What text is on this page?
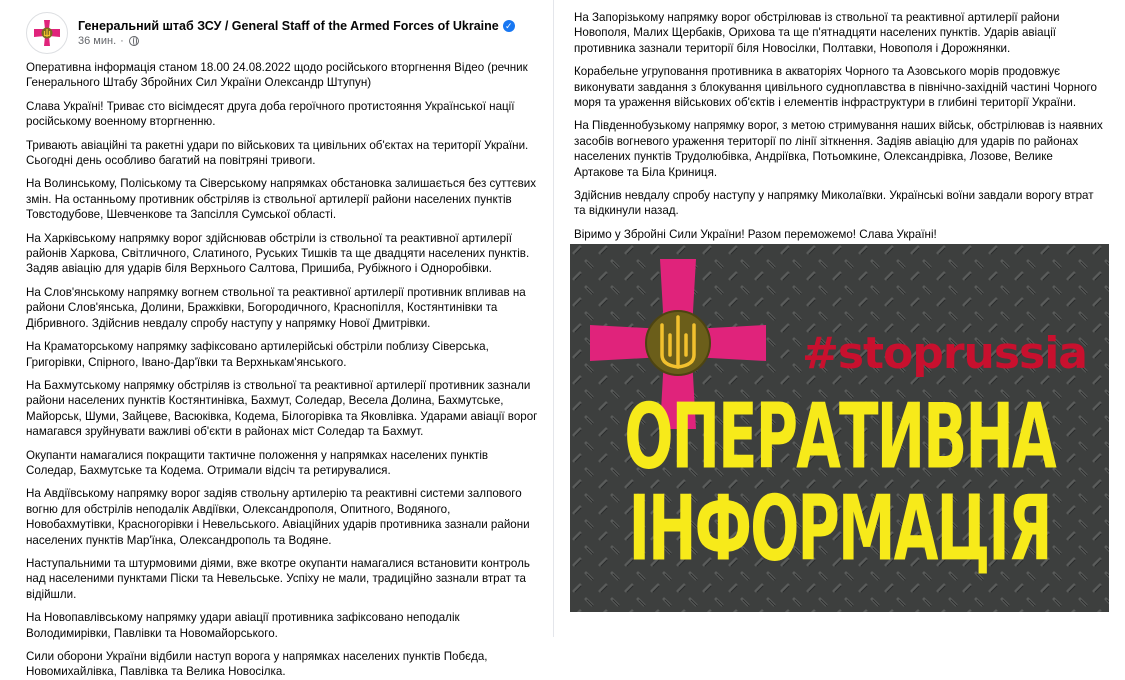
Генеральний штаб ЗСУ / General Staff of the Armed Forces of Ukraine ✓
36 мин. ·

Оперативна інформація станом 18.00 24.08.2022 щодо російського вторгнення Відео (речник Генерального Штабу Збройних Сил України Олександр Штупун)

Слава Україні! Триває сто вісімдесят друга доба героїчного протистояння Української нації російському военному вторгненню.

Тривають авіаційні та ракетні удари по військових та цивільних об'єктах на території України. Сьогодні день особливо багатий на повітряні тривоги.

На Волинському, Поліському та Сіверському напрямках обстановка залишається без суттєвих змін. На останньому противник обстріляв із ствольної артилерії райони населених пунктів Товстодубове, Шевченкове та Запсілля Сумської області.

На Харківському напрямку ворог здійснював обстріли із ствольної та реактивної артилерії районів Харкова, Світличного, Слатиного, Руських Тишків та ще двадцяти населених пунктів. Задяв авіацію для ударів біля Верхнього Салтова, Пришиба, Рубіжного і Одноробівки.

На Слов'янському напрямку вогнем ствольної та реактивної артилерії противник впливав на райони Слов'янська, Долини, Бражківки, Богородичного, Краснопілля, Костянтинівки та Дібривного. Здійснив невдалу спробу наступу у напрямку Нової Дмитрівки.

На Краматорському напрямку зафіксовано артилерійські обстріли поблизу Сіверська, Григорівки, Спірного, Івано-Дар'ївки та Верхнькам'янського.

На Бахмутському напрямку обстріляв із ствольної та реактивної артилерії противник зазнали райони населених пунктів Костянтинівка, Бахмут, Соледар, Весела Долина, Бахмутське, Майорськ, Шуми, Зайцеве, Васюківка, Кодема, Білогорівка та Яковлівка. Ударами авіації ворог намагався зруйнувати важливі об'єкти в районах міст Соледар та Бахмут.

Окупанти намагалися покращити тактичне положення у напрямках населених пунктів Соледар, Бахмутське та Кодема. Отримали відсіч та ретирувалися.

На Авдіївському напрямку ворог задіяв ствольну артилерію та реактивні системи залпового вогню для обстрілів неподалік Авдіївки, Олександрополя, Опитного, Водяного, Новобахмутівки, Красногорівки і Невельського. Авіаційних ударів противника зазнали райони населених пунктів Мар'їнка, Олександрополь та Водяне.

Наступальними та штурмовими діями, вже вкотре окупанти намагалися встановити контроль над населеними пунктами Піски та Невельське. Успіху не мали, традиційно зазнали втрат та відійшли.

На Новопавлівському напрямку удари авіації противника зафіксовано неподалік Володимирівки, Павлівки та Новомайорського.

Сили оборони України відбили наступ ворога у напрямках населених пунктів Побєда, Новомихайлівка, Павлівка та Велика Новосілка.

На Запорізькому напрямку ворог обстрілював із ствольної та реактивної артилерії райони Новополя, Малих Щербаків, Орихова та ще п'ятнадцяти населених пунктів. Ударів авіації противника зазнали території біля Новосілки, Полтавки, Новополя і Дорожнянки.

Корабельне угруповання противника в акваторіях Чорного та Азовського морів продовжує виконувати завдання з блокування цивільного судноплавства в північно-західній частині Чорного моря та ураження військових об'єктів і елементів інфраструктури в глибині території України.

На Південнобузькому напрямку ворог, з метою стримування наших військ, обстрілював із наявних засобів вогневого ураження території по лінії зіткнення. Задіяв авіацію для ударів по районах населених пунктів Трудолюбівка, Андріївка, Потьомкине, Олександрівка, Лозове, Велике Артакове та Біла Криниця.

Здійснив невдалу спробу наступу у напрямку Миколаївки. Українські воїни завдали ворогу втрат та відкинули назад.

Віримо у Збройні Сили України! Разом переможемо! Слава Україні!

#stoprussia
ОПЕРАТИВНА
ІНФОРМАЦІЯ
